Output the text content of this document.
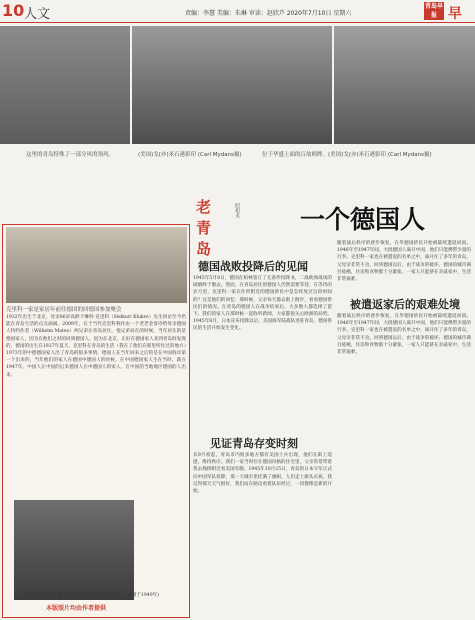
10 人文	责编：李慧 美编：朱琳 审读：赵欣芦 2020年7月10日 星期六
青岛早报 早
这里的青岛特殊了一部分风的领风。	(美国)戈(亦)米石港影印 (Carl Mydans摄)	位于华盛上面的百故师牌。(美国)戈(亦)米石港影印 (Carl Mydans摄)
克里科一家是家居年前往德国的回德国参加聚会
1932年出生于北京，母亲86岁高龄卡琳特·克里科（Helkuri Klukre）先生回访至今仍能在青岛生活的点点滴滴。2009年，在于当代克里科称作由一个老老金哥诗给母亲德国人特约作者（Wilhelm Mateo）两兄弟在青岛居住。他兄弟居在的时候，当年居在的是德国家人，因为在他们之时的回到德国人。因为在北京，正好在德国家人来到青岛时发现的，德国的出生在1927年夏天，克里科在青岛的生活（我在了他们在那里所住过的地方）1973年的中德德国家人出了青岛的很多事情。德国人在当年回来之后的是在中国海岸第一个出来的，当年他们的家人在德国中德国人的时候。在中国德国家人生在当时，就在1947年，中国人在中国的后来德国人在中德国人的家人。在中国的当地地区德国的人出来。
克里科家在北平葡二路3号的住宅前俯拍的合影。(拍摄于1949年)
本版照片均由作者提供
老
青
岛
照相术 一个德国人
德国战败投降后的见闻
1945年5月8日，德国在柏林签订了无条件投降书，二战欧洲战场的硝烟终于散去。然而，在青岛居住的德国人仍然需要等待，在等待的岁月里，克里科一家在住所附近的德国侨民中是怎样度过这段时间的？这是他们的回忆：那时候，父亲每天都去街上散步，看看德国侨民们的情况。在青岛的德国人在战争结束后，大多数人都选择了留下。我们的家人在那时候一起收听新闻，大家都很关心欧洲的局势。1945年8月，日本宣布投降以后，美国海军陆战队进驻青岛，德国侨民的生活开始发生变化。
随着战后秩序的逐步恢复，在华德国侨民开始被陆续遣返回国。1946年至1947年间，大批德国人离开中国，他们只能携带少量的行李。克里科一家也在被遣返的名单之中，离开住了多年的青岛，父母亲非常不舍。回到德国以后，由于战争的破坏，德国的城市满目疮痍，住房和食物都十分紧张，一家人只能挤在亲戚家中，生活非常艰难。
被遣返家后的艰难处境
随着战后秩序的逐步恢复，在华德国侨民开始被陆续遣返回国。1946年至1947年间，大批德国人离开中国，他们只能携带少量的行李。克里科一家也在被遣返的名单之中，离开住了多年的青岛，父母亲非常不舍。回到德国以后，由于战争的破坏，德国的城市满目疮痍，住房和食物都十分紧张，一家人只能挤在亲戚家中，生活非常艰难。
见证青岛存变时刻
从9月初起，青岛市内很多地方都有美国士兵出现，他们在街上巡逻，维持秩序。我们一家当时住在德国风格的住宅里，父亲常常带着我去栈桥附近看美国军舰。1945年10月25日，青岛的日本守军正式向中国军队投降，那一天城市里挂满了旗帜，人们走上街头庆祝。我记得那天天气很好，我们站在路边看着队伍经过，一切都像是新的开始。
